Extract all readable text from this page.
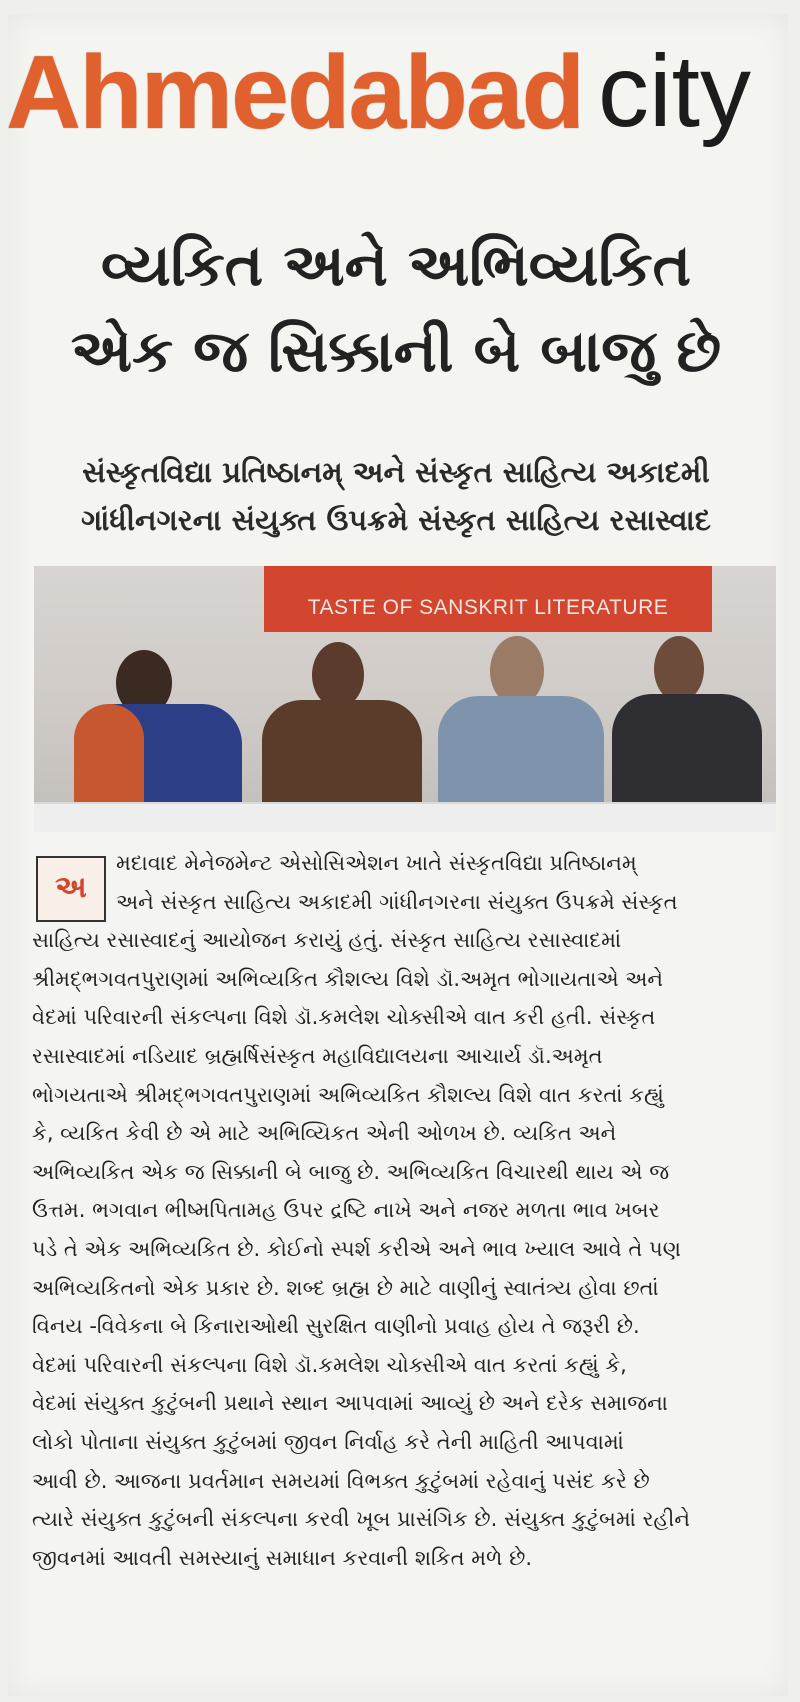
Ahmedabad city
વ્યકિત અને અભિવ્યકિત
એક જ સિક્કાની બે બાજુ છે
સંસ્કૃતવિદ્યા પ્રતિષ્ઠાનમ્ અને સંસ્કૃત સાહિત્ય અકાદમી
ગાંધીનગરના સંયુક્ત ઉપક્રમે સંસ્કૃત સાહિત્ય રસાસ્વાદ
TASTE OF SANSKRIT LITERATURE
અ

મદાવાદ મેનેજમેન્ટ એસોસિએશન ખાતે સંસ્કૃતવિદ્યા પ્રતિષ્ઠાનમ્

અને સંસ્કૃત સાહિત્ય અકાદમી ગાંધીનગરના સંયુક્ત ઉપક્રમે સંસ્કૃત

સાહિત્ય રસાસ્વાદનું આયોજન કરાયું હતું. સંસ્કૃત સાહિત્ય રસાસ્વાદમાં

શ્રીમદ્ભગવતપુરાણમાં અભિવ્યકિત કૌશલ્ય વિશે ડૉ.અમૃત ભોગાયતાએ અને

વેદમાં પરિવારની સંકલ્પના વિશે ડૉ.કમલેશ ચોક્સીએ વાત કરી હતી. સંસ્કૃત

રસાસ્વાદમાં નડિયાદ બ્રહ્મર્ષિસંસ્કૃત મહાવિદ્યાલયના આચાર્ય ડૉ.અમૃત

ભોગયતાએ શ્રીમદ્ભગવતપુરાણમાં અભિવ્યકિત કૌશલ્ય વિશે વાત કરતાં કહ્યું

કે, વ્યકિત કેવી છે એ માટે અભિવ્યિકત એની ઓળખ છે. વ્યકિત અને

અભિવ્યકિત એક જ સિક્કાની બે બાજુ છે. અભિવ્યકિત વિચારથી થાય એ જ

ઉત્તમ. ભગવાન ભીષ્મપિતામહ ઉપર દ્રષ્ટિ નાખે અને નજર મળતા ભાવ ખબર

પડે તે એક અભિવ્યકિત છે. કોઈનો સ્પર્શ કરીએ અને ભાવ ખ્યાલ આવે તે પણ

અભિવ્યકિતનો એક પ્રકાર છે. શબ્દ બ્રહ્મ છે માટે વાણીનું સ્વાતંત્ર્ય હોવા છતાં

વિનય -વિવેકના બે કિનારાઓથી સુરક્ષિત વાણીનો પ્રવાહ હોય તે જરૂરી છે.

વેદમાં પરિવારની સંકલ્પના વિશે ડૉ.કમલેશ ચોક્સીએ વાત કરતાં કહ્યું કે,

વેદમાં સંયુક્ત કુટુંબની પ્રથાને સ્થાન આપવામાં આવ્યું છે અને દરેક સમાજના

લોકો પોતાના સંયુક્ત કુટુંબમાં જીવન નિર્વાહ કરે તેની માહિતી આપવામાં

આવી છે. આજના પ્રવર્તમાન સમયમાં વિભક્ત કુટુંબમાં રહેવાનું પસંદ કરે છે

ત્યારે સંયુક્ત કુટુંબની સંકલ્પના કરવી ખૂબ પ્રાસંગિક છે. સંયુક્ત કુટુંબમાં રહીને

જીવનમાં આવતી સમસ્યાનું સમાધાન કરવાની શકિત મળે છે.
